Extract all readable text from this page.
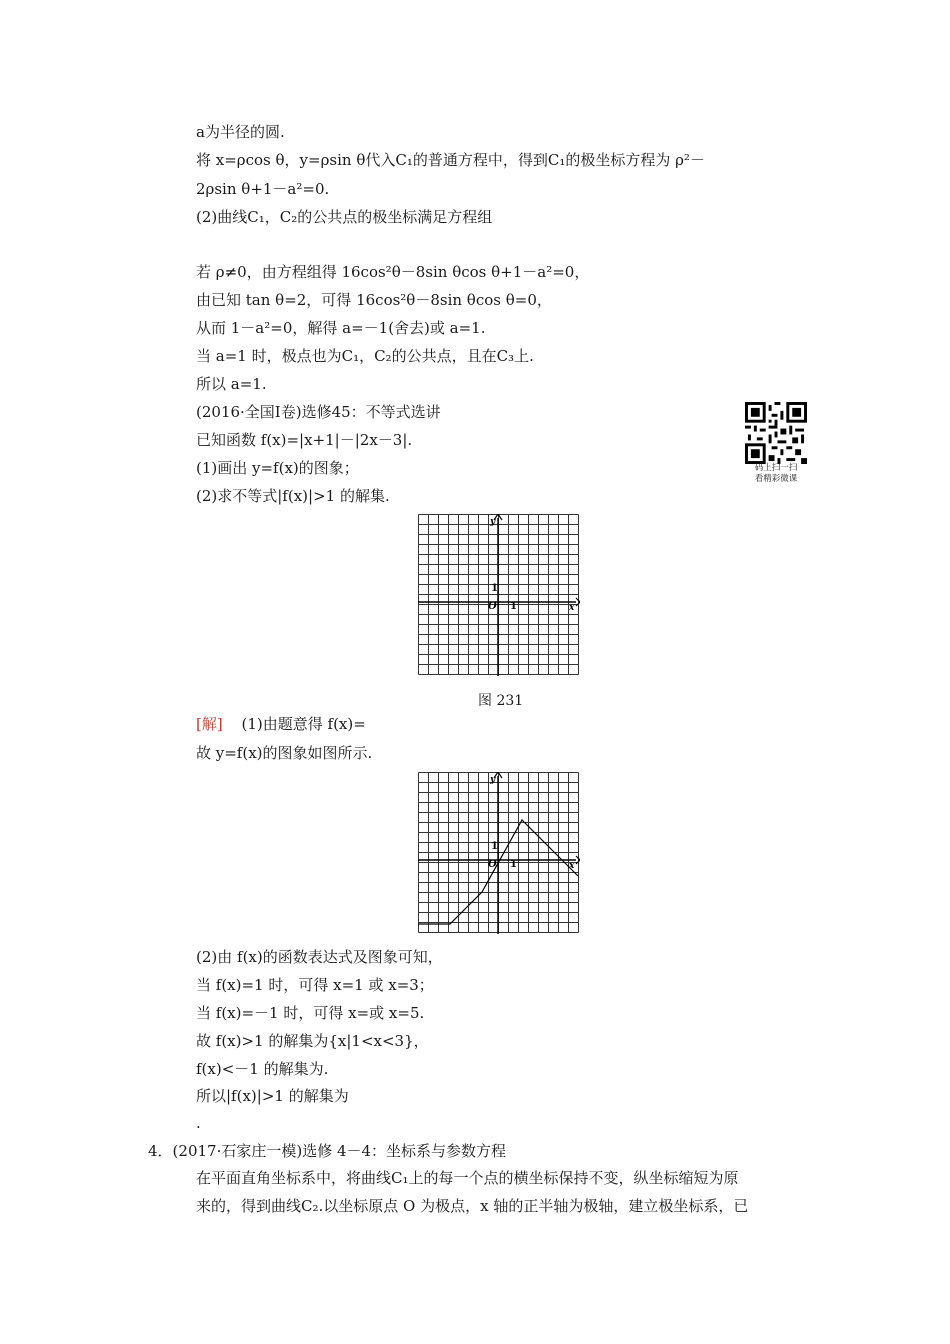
a为半径的圆.
将 x=ρcos θ，y=ρsin θ代入C₁的普通方程中，得到C₁的极坐标方程为 ρ²－
2ρsin θ+1－a²=0.
(2)曲线C₁，C₂的公共点的极坐标满足方程组
若 ρ≠0，由方程组得 16cos²θ－8sin θcos θ+1－a²=0，
由已知 tan θ=2，可得 16cos²θ－8sin θcos θ=0，
从而 1－a²=0，解得 a=－1(舍去)或 a=1.
当 a=1 时，极点也为C₁，C₂的公共点，且在C₃上.
所以 a=1.
(2016·全国Ⅰ卷)选修45：不等式选讲
已知函数 f(x)=|x+1|－|2x－3|.
(1)画出 y=f(x)的图象；
(2)求不等式|f(x)|>1 的解集.
码上扫一扫
看精彩微课
y
x
O 1
1
图 231
[解] (1)由题意得 f(x)=
故 y=f(x)的图象如图所示.
y
x
O 1
1
(2)由 f(x)的函数表达式及图象可知，
当 f(x)=1 时，可得 x=1 或 x=3；
当 f(x)=－1 时，可得 x=或 x=5.
故 f(x)>1 的解集为{x|1<x<3}，
f(x)<－1 的解集为.
所以|f(x)|>1 的解集为
.
4．(2017·石家庄一模)选修 4－4：坐标系与参数方程
在平面直角坐标系中，将曲线C₁上的每一个点的横坐标保持不变，纵坐标缩短为原
来的，得到曲线C₂.以坐标原点 O 为极点，x 轴的正半轴为极轴，建立极坐标系，已
